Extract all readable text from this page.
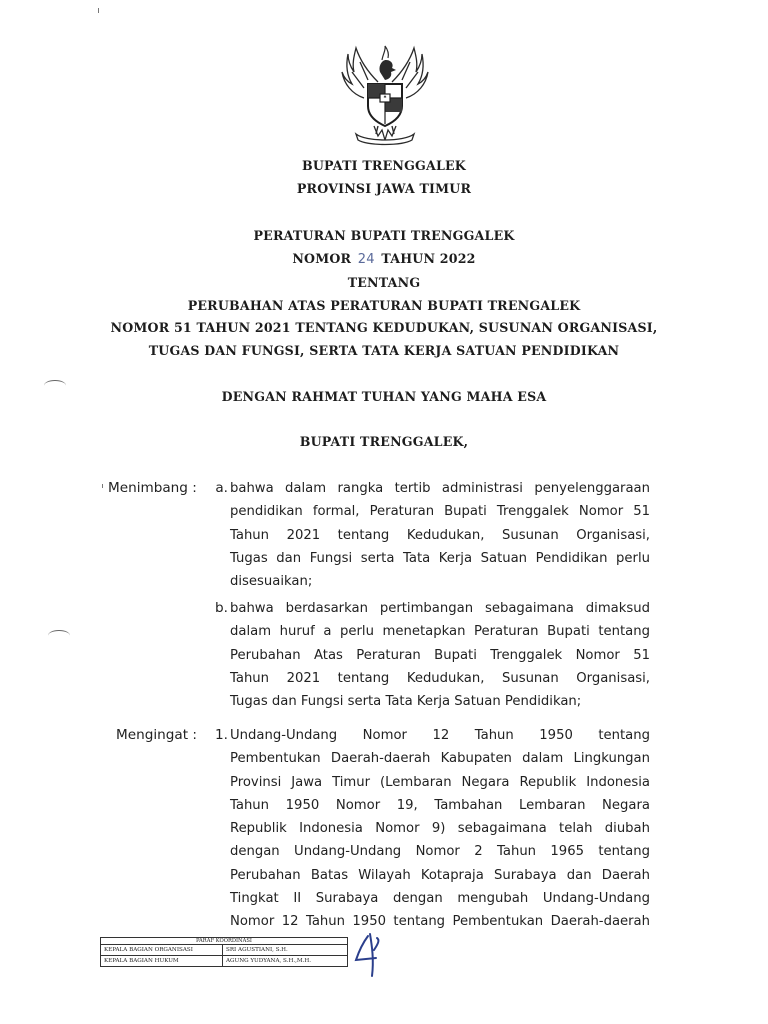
BUPATI TRENGGALEK
PROVINSI JAWA TIMUR
PERATURAN BUPATI TRENGGALEK
NOMOR 24 TAHUN 2022
TENTANG
PERUBAHAN ATAS PERATURAN BUPATI TRENGALEK
NOMOR 51 TAHUN 2021 TENTANG KEDUDUKAN, SUSUNAN ORGANISASI,
TUGAS DAN FUNGSI, SERTA TATA KERJA SATUAN PENDIDIKAN
DENGAN RAHMAT TUHAN YANG MAHA ESA
BUPATI TRENGGALEK,
Menimbang : a. bahwa dalam rangka tertib administrasi penyelenggaraan
pendidikan formal, Peraturan Bupati Trenggalek Nomor 51
Tahun 2021 tentang Kedudukan, Susunan Organisasi,
Tugas dan Fungsi serta Tata Kerja Satuan Pendidikan perlu
disesuaikan;
b. bahwa berdasarkan pertimbangan sebagaimana dimaksud
dalam huruf a perlu menetapkan Peraturan Bupati tentang
Perubahan Atas Peraturan Bupati Trenggalek Nomor 51
Tahun 2021 tentang Kedudukan, Susunan Organisasi,
Tugas dan Fungsi serta Tata Kerja Satuan Pendidikan;
Mengingat : 1. Undang-Undang Nomor 12 Tahun 1950 tentang
Pembentukan Daerah-daerah Kabupaten dalam Lingkungan
Provinsi Jawa Timur (Lembaran Negara Republik Indonesia
Tahun 1950 Nomor 19, Tambahan Lembaran Negara
Republik Indonesia Nomor 9) sebagaimana telah diubah
dengan Undang-Undang Nomor 2 Tahun 1965 tentang
Perubahan Batas Wilayah Kotapraja Surabaya dan Daerah
Tingkat II Surabaya dengan mengubah Undang-Undang
Nomor 12 Tahun 1950 tentang Pembentukan Daerah-daerah
PARAF KOORDINASI	
KEPALA BAGIAN ORGANISASI	SRI AGUSTIANI, S.H.
KEPALA BAGIAN HUKUM	AGUNG YUDYANA, S.H.,M.H.
